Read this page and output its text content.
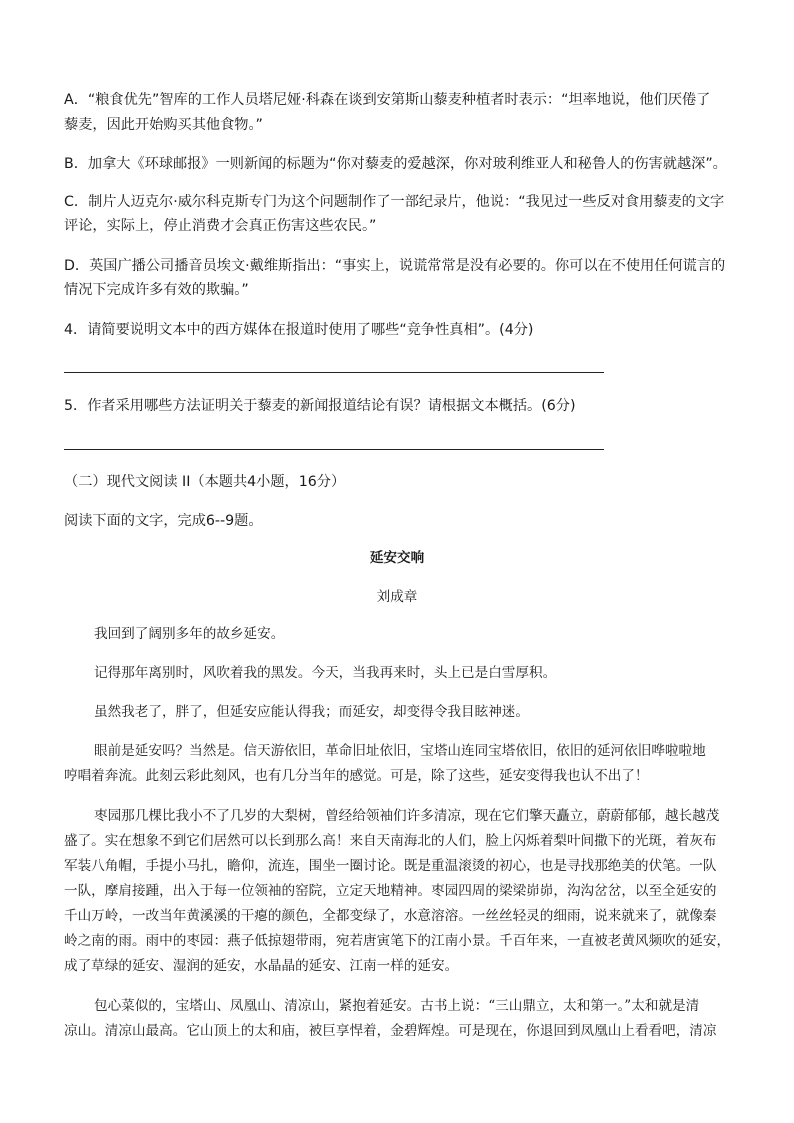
A．“粮食优先”智库的工作人员塔尼娅·科森在谈到安第斯山藜麦种植者时表示：“坦率地说，他们厌倦了
藜麦，因此开始购买其他食物。”
B．加拿大《环球邮报》一则新闻的标题为“你对藜麦的爱越深，你对玻利维亚人和秘鲁人的伤害就越深”。
C．制片人迈克尔·威尔科克斯专门为这个问题制作了一部纪录片，他说：“我见过一些反对食用藜麦的文字
评论，实际上，停止消费才会真正伤害这些农民。”
D．英国广播公司播音员埃文·戴维斯指出：“事实上，说谎常常是没有必要的。你可以在不使用任何谎言的
情况下完成许多有效的欺骗。”
4．请简要说明文本中的西方媒体在报道时使用了哪些“竞争性真相”。(4分)
5．作者采用哪些方法证明关于藜麦的新闻报道结论有误？请根据文本概括。(6分)
（二）现代文阅读 II（本题共4小题，16分）
阅读下面的文字，完成6--9题。
延安交响
刘成章
我回到了阔别多年的故乡延安。
记得那年离别时，风吹着我的黑发。今天，当我再来时，头上已是白雪厚积。
虽然我老了，胖了，但延安应能认得我；而延安，却变得令我目眩神迷。
眼前是延安吗？当然是。信天游依旧，革命旧址依旧，宝塔山连同宝塔依旧，依旧的延河依旧哗啦啦地
哼唱着奔流。此刻云彩此刻风，也有几分当年的感觉。可是，除了这些，延安变得我也认不出了！
枣园那几棵比我小不了几岁的大梨树，曾经给领袖们许多清凉，现在它们擎天矗立，蔚蔚郁郁，越长越茂
盛了。实在想象不到它们居然可以长到那么高！来自天南海北的人们，脸上闪烁着梨叶间撒下的光斑，着灰布
军装八角帽，手提小马扎，瞻仰，流连，围坐一圈讨论。既是重温滚烫的初心，也是寻找那绝美的伏笔。一队
一队，摩肩接踵，出入于每一位领袖的窑院，立定天地精神。枣园四周的梁梁峁峁，沟沟岔岔，以至全延安的
千山万岭，一改当年黄溪溪的干瘪的颜色，全都变绿了，水意溶溶。一丝丝轻灵的细雨，说来就来了，就像秦
岭之南的雨。雨中的枣园：燕子低掠翅带雨，宛若唐寅笔下的江南小景。千百年来，一直被老黄风频吹的延安，
成了草绿的延安、湿润的延安，水晶晶的延安、江南一样的延安。
包心菜似的，宝塔山、凤凰山、清凉山，紧抱着延安。古书上说：“三山鼎立，太和第一。”太和就是清
凉山。清凉山最高。它山顶上的太和庙，被巨享悍着，金碧辉煌。可是现在，你退回到凤凰山上看看吧，清凉
